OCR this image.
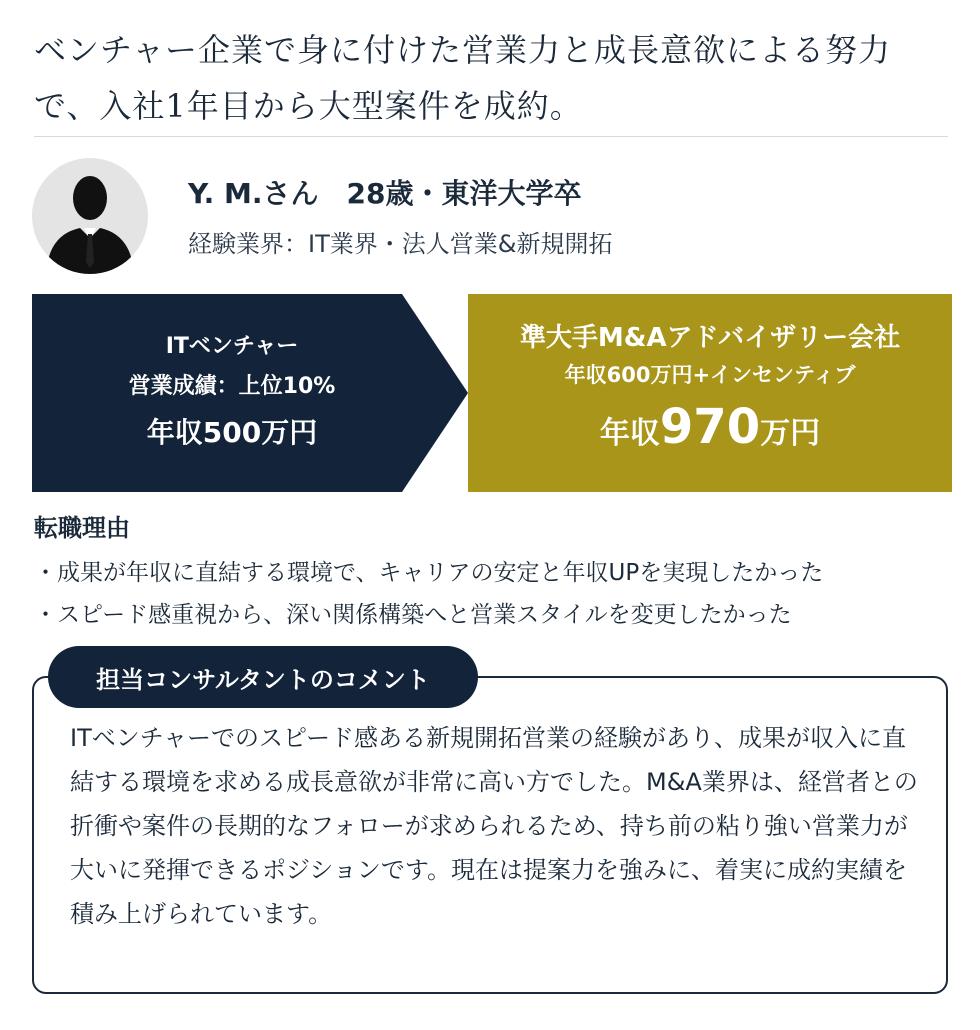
ベンチャー企業で身に付けた営業力と成長意欲による努力で、入社1年目から大型案件を成約。
Y. M.さん　28歳・東洋大学卒
経験業界：IT業界・法人営業&新規開拓
ITベンチャー
営業成績：上位10%
年収500万円
準大手M&Aアドバイザリー会社
年収600万円+インセンティブ
年収970万円
転職理由
・成果が年収に直結する環境で、キャリアの安定と年収UPを実現したかった
・スピード感重視から、深い関係構築へと営業スタイルを変更したかった
担当コンサルタントのコメント

ITベンチャーでのスピード感ある新規開拓営業の経験があり、成果が収入に直結する環境を求める成長意欲が非常に高い方でした。M&A業界は、経営者との折衝や案件の長期的なフォローが求められるため、持ち前の粘り強い営業力が大いに発揮できるポジションです。現在は提案力を強みに、着実に成約実績を積み上げられています。
